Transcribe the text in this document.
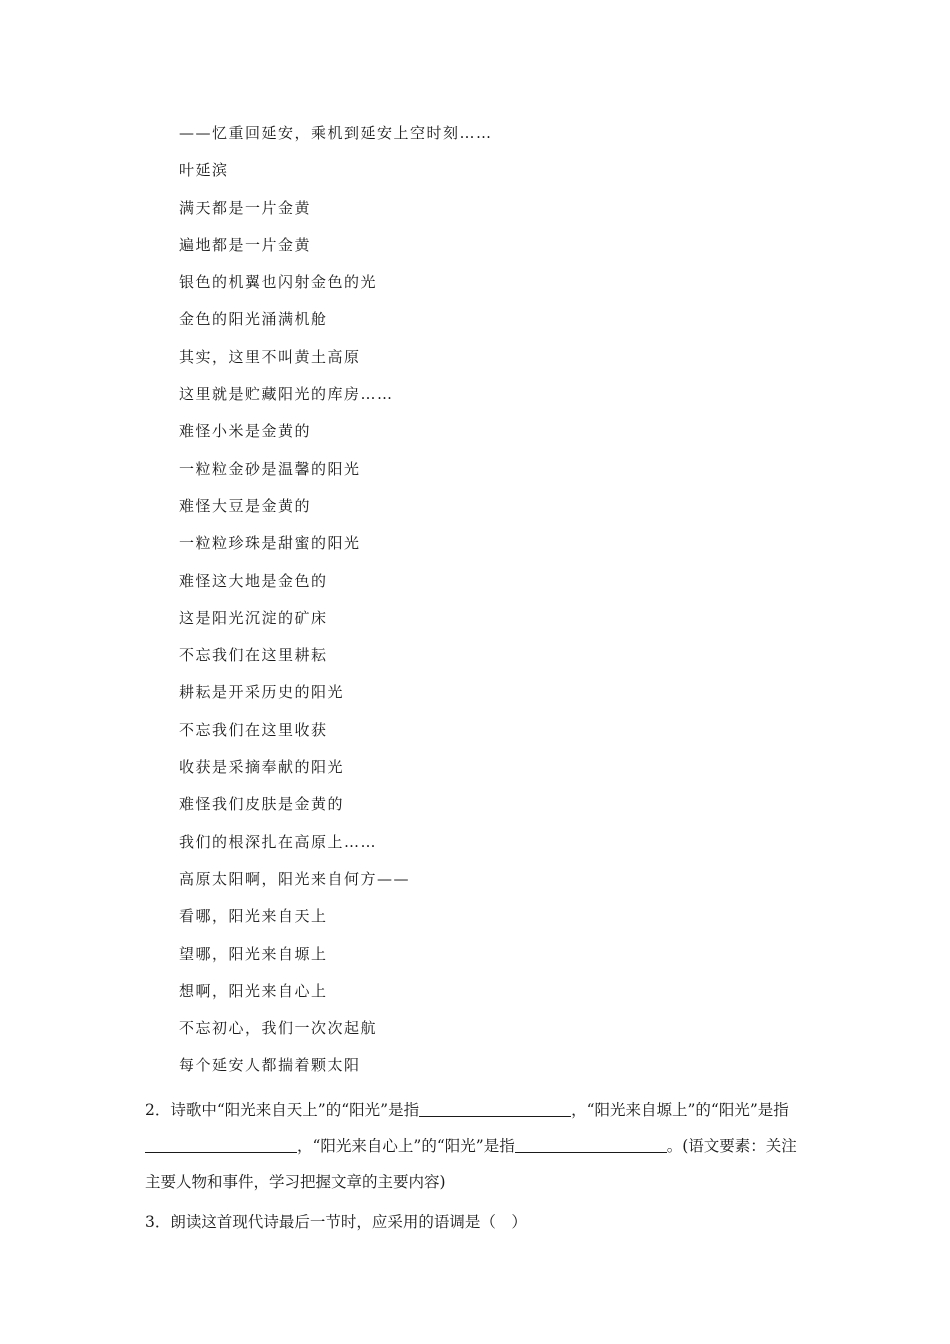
——忆重回延安，乘机到延安上空时刻……
叶延滨
满天都是一片金黄
遍地都是一片金黄
银色的机翼也闪射金色的光
金色的阳光涌满机舱
其实，这里不叫黄土高原
这里就是贮藏阳光的库房……
难怪小米是金黄的
一粒粒金砂是温馨的阳光
难怪大豆是金黄的
一粒粒珍珠是甜蜜的阳光
难怪这大地是金色的
这是阳光沉淀的矿床
不忘我们在这里耕耘
耕耘是开采历史的阳光
不忘我们在这里收获
收获是采摘奉献的阳光
难怪我们皮肤是金黄的
我们的根深扎在高原上……
高原太阳啊，阳光来自何方——
看哪，阳光来自天上
望哪，阳光来自塬上
想啊，阳光来自心上
不忘初心，我们一次次起航
每个延安人都揣着颗太阳
2．诗歌中“阳光来自天上”的“阳光”是指	，“阳光来自塬上”的“阳光”是指，“阳光来自心上”的“阳光”是指	。(语文要素：关注主要人物和事件，学习把握文章的主要内容)
3．朗读这首现代诗最后一节时，应采用的语调是（　）
